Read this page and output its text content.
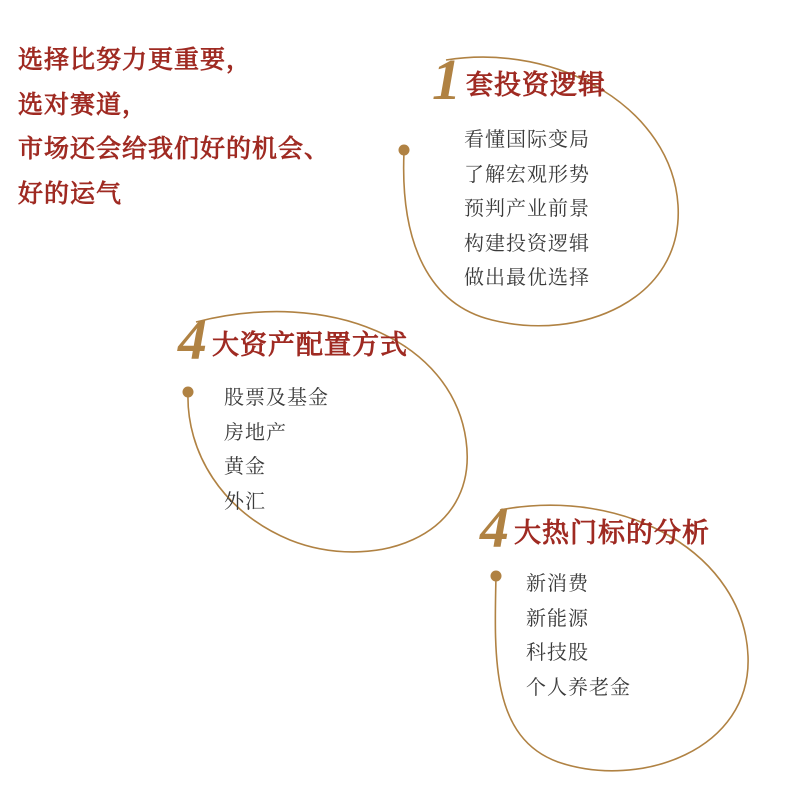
选择比努力更重要，
选对赛道，
市场还会给我们好的机会、
好的运气
1 套投资逻辑
看懂国际变局
了解宏观形势
预判产业前景
构建投资逻辑
做出最优选择
4 大资产配置方式
股票及基金
房地产
黄金
外汇	4 大热门标的分析
新消费
新能源
科技股
个人养老金
